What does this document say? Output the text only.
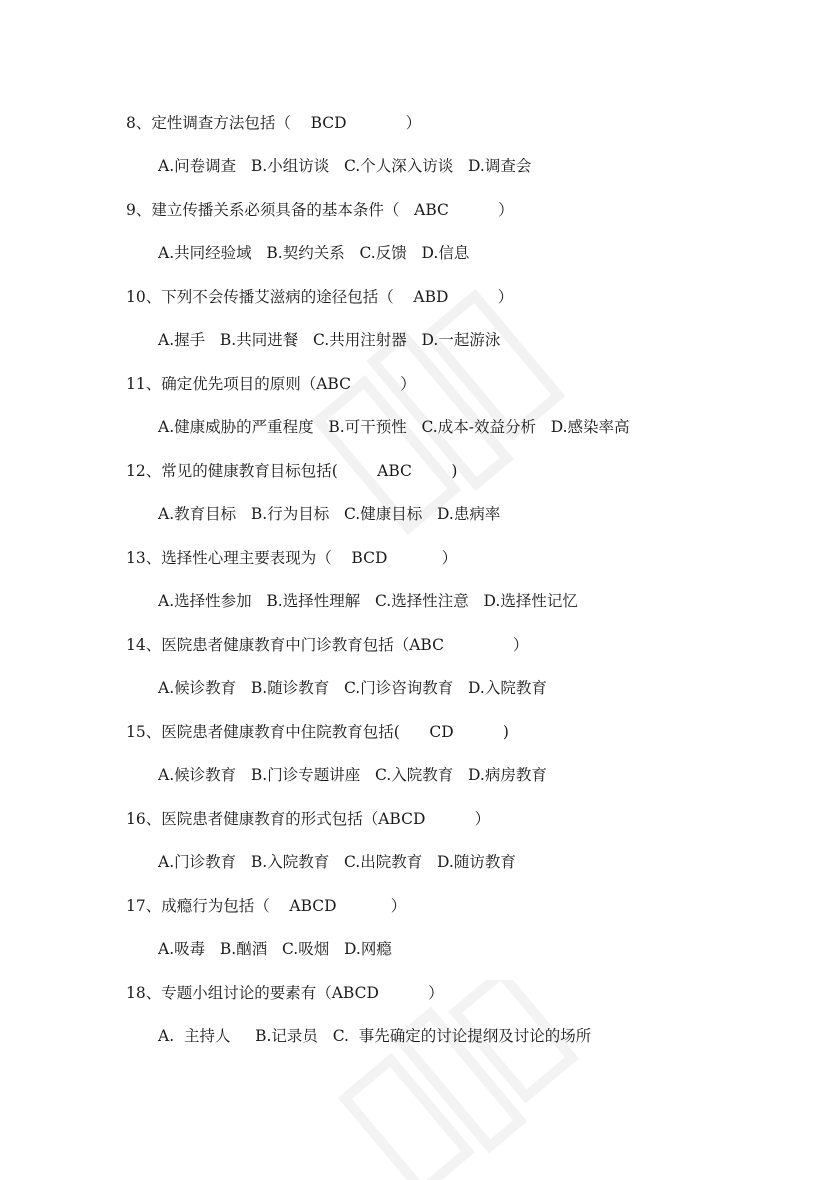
8、定性调查方法包括（    BCD            ）
A.问卷调查   B.小组访谈   C.个人深入访谈   D.调查会
9、建立传播关系必须具备的基本条件（   ABC          ）
A.共同经验域   B.契约关系   C.反馈   D.信息
10、下列不会传播艾滋病的途径包括（    ABD          ）
A.握手   B.共同进餐   C.共用注射器   D.一起游泳
11、确定优先项目的原则（ABC          ）
A.健康威胁的严重程度   B.可干预性   C.成本-效益分析   D.感染率高
12、常见的健康教育目标包括(        ABC        )
A.教育目标   B.行为目标   C.健康目标   D.患病率
13、选择性心理主要表现为（    BCD           ）
A.选择性参加   B.选择性理解   C.选择性注意   D.选择性记忆
14、医院患者健康教育中门诊教育包括（ABC              ）
A.候诊教育   B.随诊教育   C.门诊咨询教育   D.入院教育
15、医院患者健康教育中住院教育包括(      CD          )
A.候诊教育   B.门诊专题讲座   C.入院教育   D.病房教育
16、医院患者健康教育的形式包括（ABCD          ）
A.门诊教育   B.入院教育   C.出院教育   D.随访教育
17、成瘾行为包括（    ABCD           ）
A.吸毒   B.酗酒   C.吸烟   D.网瘾
18、专题小组讨论的要素有（ABCD          ）
A.  主持人     B.记录员   C.  事先确定的讨论提纲及讨论的场所
